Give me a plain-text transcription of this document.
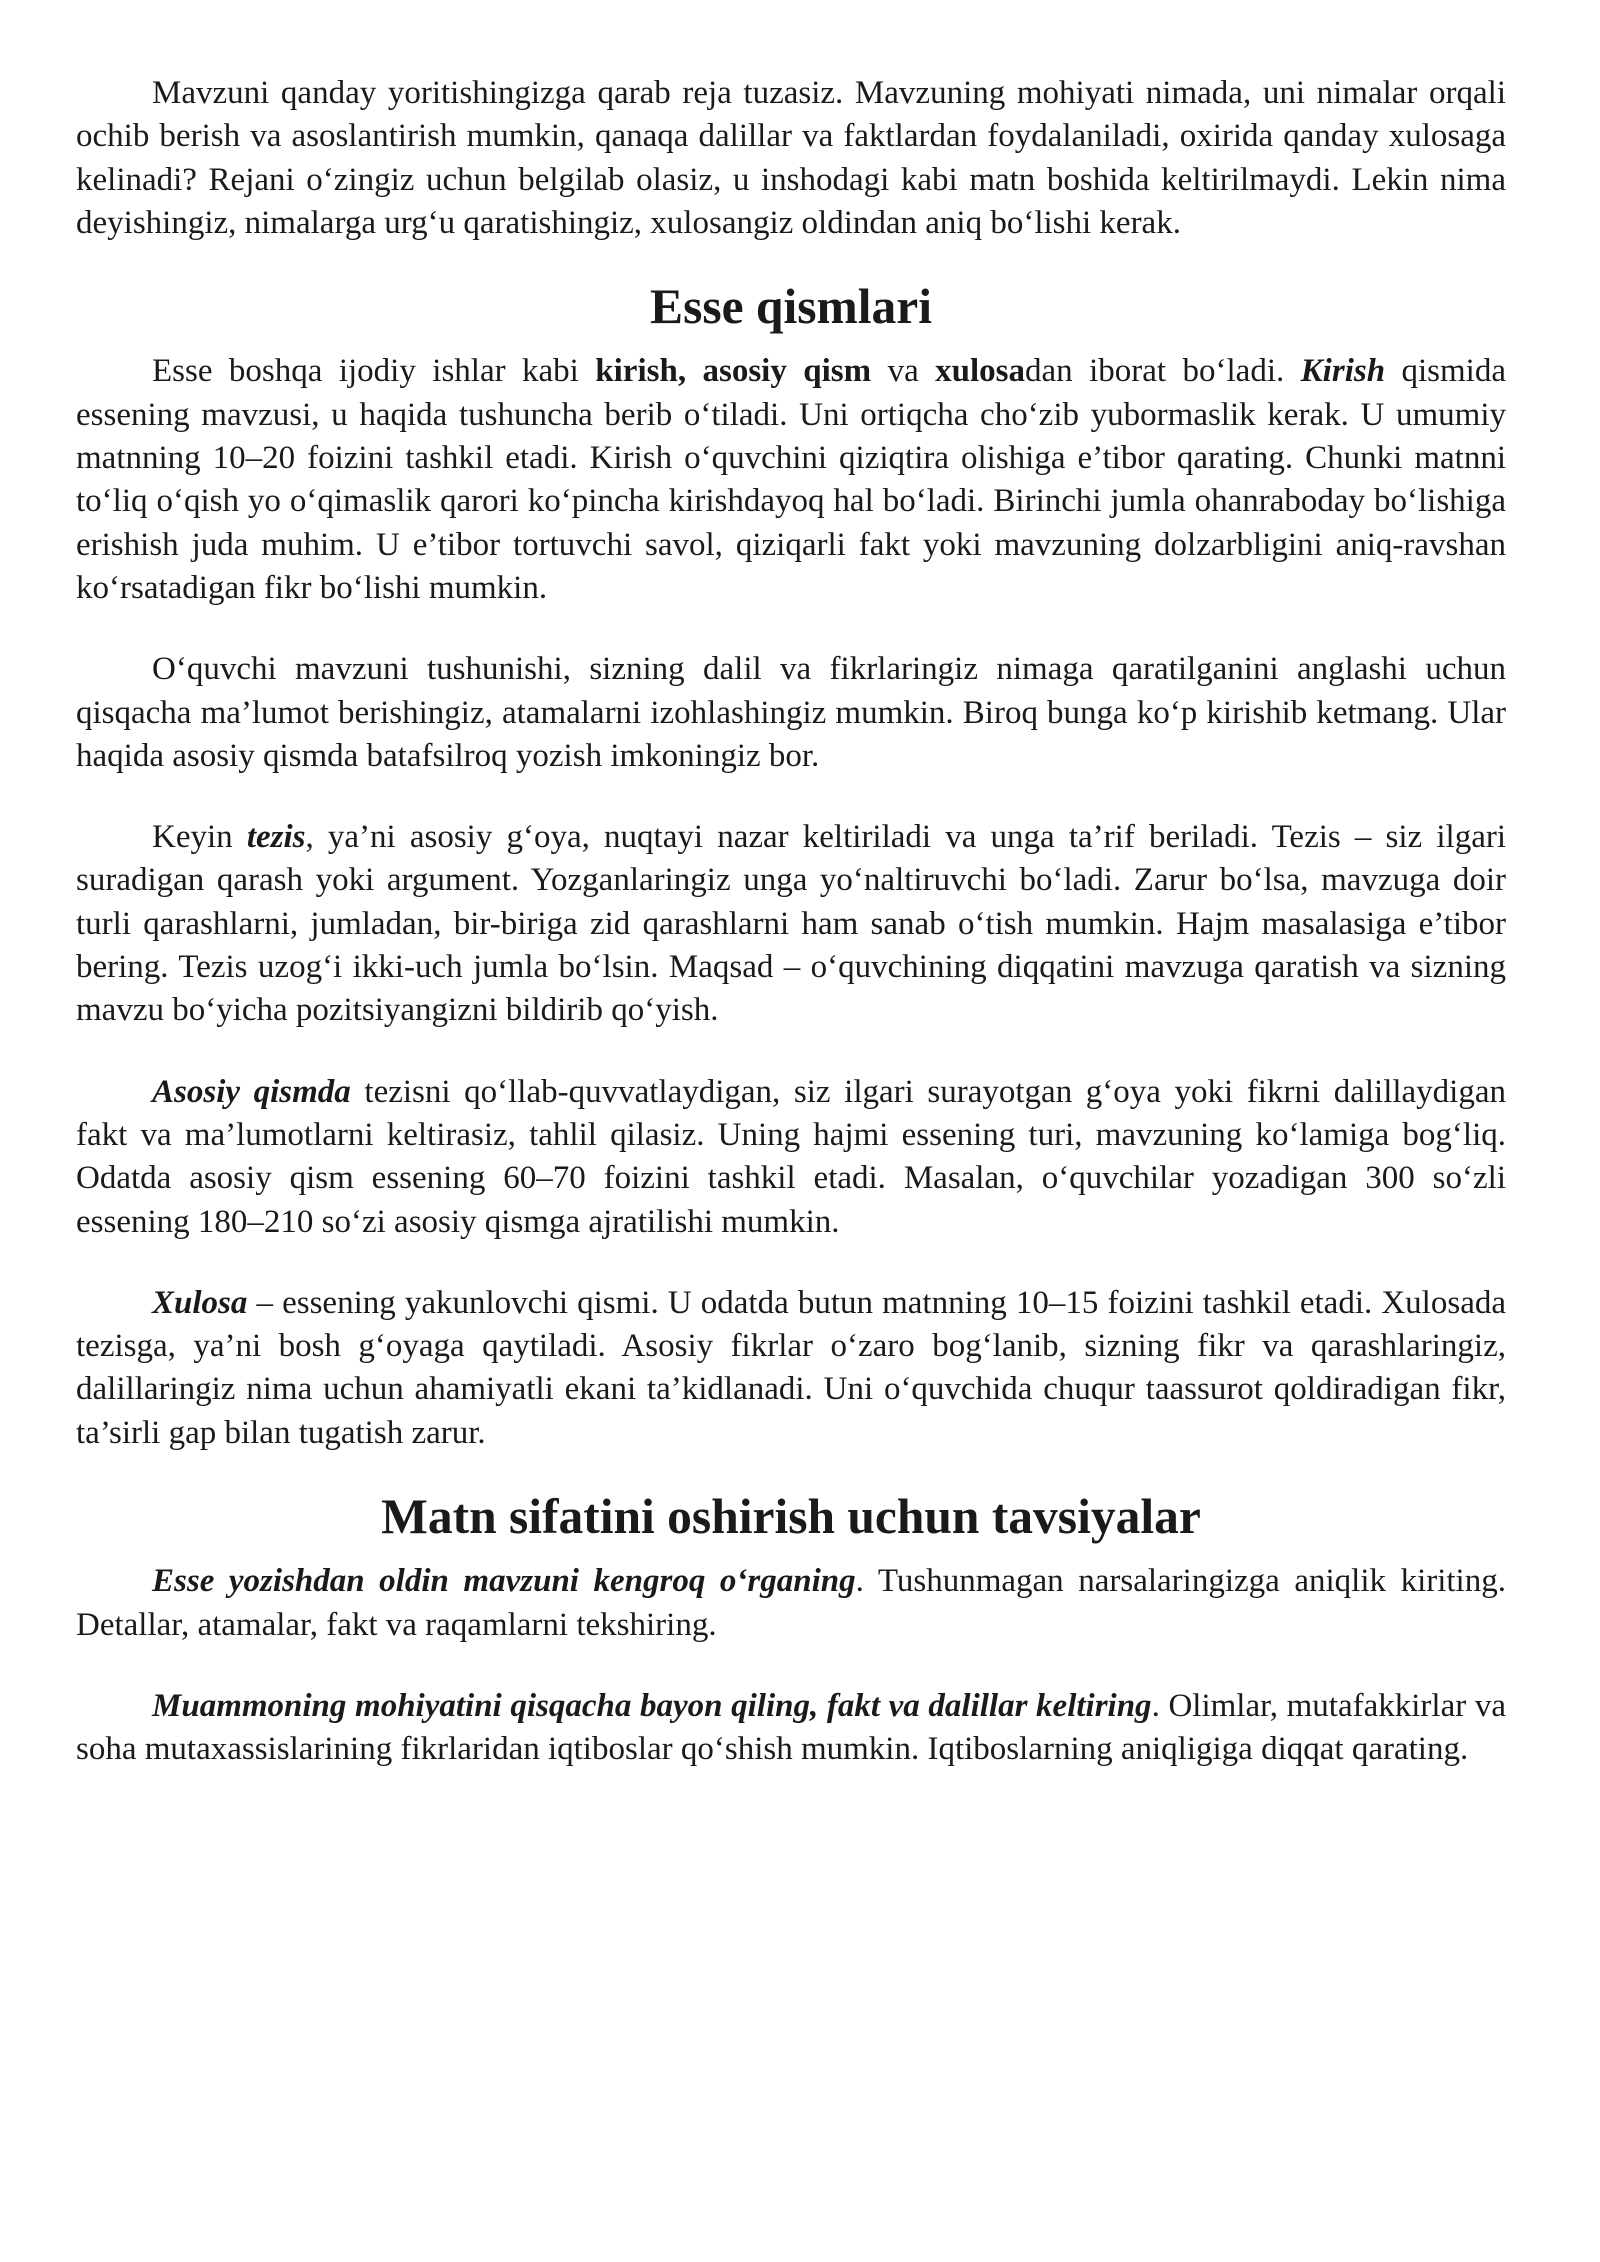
Mavzuni qanday yoritishingizga qarab reja tuzasiz. Mavzuning mohiyati nimada, uni nimalar orqali ochib berish va asoslantirish mumkin, qanaqa dalillar va faktlardan foydalaniladi, oxirida qanday xulosaga kelinadi? Rejani o‘zingiz uchun belgilab olasiz, u inshodagi kabi matn boshida keltirilmaydi. Lekin nima deyishingiz, nimalarga urg‘u qaratishingiz, xulosangiz oldindan aniq bo‘lishi kerak.

Esse qismlari

Esse boshqa ijodiy ishlar kabi kirish, asosiy qism va xulosadan iborat bo‘ladi. Kirish qismida essening mavzusi, u haqida tushuncha berib o‘tiladi. Uni ortiqcha cho‘zib yubormaslik kerak. U umumiy matnning 10–20 foizini tashkil etadi. Kirish o‘quvchini qiziqtira olishiga e’tibor qarating. Chunki matnni to‘liq o‘qish yo o‘qimaslik qarori ko‘pincha kirishdayoq hal bo‘ladi. Birinchi jumla ohanraboday bo‘lishiga erishish juda muhim. U e’tibor tortuvchi savol, qiziqarli fakt yoki mavzuning dolzarbligini aniq-ravshan ko‘rsatadigan fikr bo‘lishi mumkin.

O‘quvchi mavzuni tushunishi, sizning dalil va fikrlaringiz nimaga qaratilganini anglashi uchun qisqacha ma’lumot berishingiz, atamalarni izohlashingiz mumkin. Biroq bunga ko‘p kirishib ketmang. Ular haqida asosiy qismda batafsilroq yozish imkoningiz bor.

Keyin tezis, ya’ni asosiy g‘oya, nuqtayi nazar keltiriladi va unga ta’rif beriladi. Tezis – siz ilgari suradigan qarash yoki argument. Yozganlaringiz unga yo‘naltiruvchi bo‘ladi. Zarur bo‘lsa, mavzuga doir turli qarashlarni, jumladan, bir-biriga zid qarashlarni ham sanab o‘tish mumkin. Hajm masalasiga e’tibor bering. Tezis uzog‘i ikki-uch jumla bo‘lsin. Maqsad – o‘quvchining diqqatini mavzuga qaratish va sizning mavzu bo‘yicha pozitsiyangizni bildirib qo‘yish.

Asosiy qismda tezisni qo‘llab-quvvatlaydigan, siz ilgari surayotgan g‘oya yoki fikrni dalillaydigan fakt va ma’lumotlarni keltirasiz, tahlil qilasiz. Uning hajmi essening turi, mavzuning ko‘lamiga bog‘liq. Odatda asosiy qism essening 60–70 foizini tashkil etadi. Masalan, o‘quvchilar yozadigan 300 so‘zli essening 180–210 so‘zi asosiy qismga ajratilishi mumkin.

Xulosa – essening yakunlovchi qismi. U odatda butun matnning 10–15 foizini tashkil etadi. Xulosada tezisga, ya’ni bosh g‘oyaga qaytiladi. Asosiy fikrlar o‘zaro bog‘lanib, sizning fikr va qarashlaringiz, dalillaringiz nima uchun ahamiyatli ekani ta’kidlanadi. Uni o‘quvchida chuqur taassurot qoldiradigan fikr, ta’sirli gap bilan tugatish zarur.

Matn sifatini oshirish uchun tavsiyalar

Esse yozishdan oldin mavzuni kengroq o‘rganing. Tushunmagan narsalaringizga aniqlik kiriting. Detallar, atamalar, fakt va raqamlarni tekshiring.

Muammoning mohiyatini qisqacha bayon qiling, fakt va dalillar keltiring. Olimlar, mutafakkirlar va soha mutaxassislarining fikrlaridan iqtiboslar qo‘shish mumkin. Iqtiboslarning aniqligiga diqqat qarating.
